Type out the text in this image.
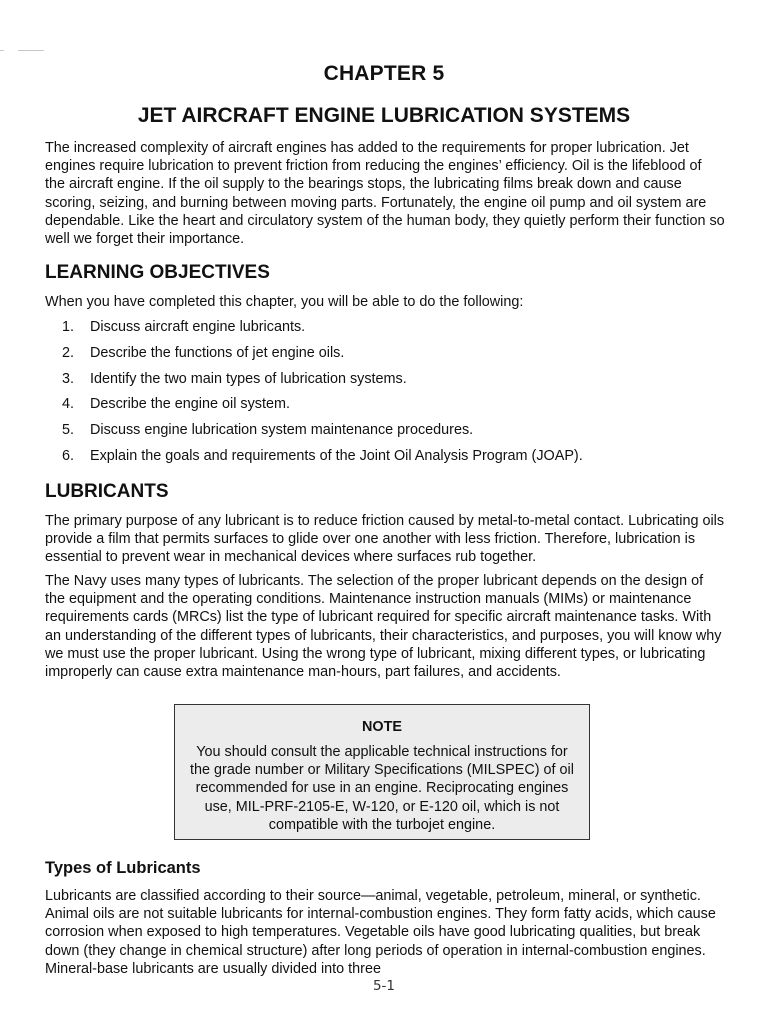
CHAPTER 5
JET AIRCRAFT ENGINE LUBRICATION SYSTEMS

The increased complexity of aircraft engines has added to the requirements for proper lubrication. Jet engines require lubrication to prevent friction from reducing the engines’ efficiency. Oil is the lifeblood of the aircraft engine. If the oil supply to the bearings stops, the lubricating films break down and cause scoring, seizing, and burning between moving parts. Fortunately, the engine oil pump and oil system are dependable. Like the heart and circulatory system of the human body, they quietly perform their function so well we forget their importance.

LEARNING OBJECTIVES

When you have completed this chapter, you will be able to do the following:

1. Discuss aircraft engine lubricants.
2. Describe the functions of jet engine oils.
3. Identify the two main types of lubrication systems.
4. Describe the engine oil system.
5. Discuss engine lubrication system maintenance procedures.
6. Explain the goals and requirements of the Joint Oil Analysis Program (JOAP).
LUBRICANTS

The primary purpose of any lubricant is to reduce friction caused by metal-to-metal contact. Lubricating oils provide a film that permits surfaces to glide over one another with less friction. Therefore, lubrication is essential to prevent wear in mechanical devices where surfaces rub together.

The Navy uses many types of lubricants. The selection of the proper lubricant depends on the design of the equipment and the operating conditions. Maintenance instruction manuals (MIMs) or maintenance requirements cards (MRCs) list the type of lubricant required for specific aircraft maintenance tasks. With an understanding of the different types of lubricants, their characteristics, and purposes, you will know why we must use the proper lubricant. Using the wrong type of lubricant, mixing different types, or lubricating improperly can cause extra maintenance man-hours, part failures, and accidents.

NOTE
You should consult the applicable technical instructions for the grade number or Military Specifications (MILSPEC) of oil recommended for use in an engine. Reciprocating engines use, MIL-PRF-2105-E, W-120, or E-120 oil, which is not compatible with the turbojet engine.
Types of Lubricants

Lubricants are classified according to their source—animal, vegetable, petroleum, mineral, or synthetic. Animal oils are not suitable lubricants for internal-combustion engines. They form fatty acids, which cause corrosion when exposed to high temperatures. Vegetable oils have good lubricating qualities, but break down (they change in chemical structure) after long periods of operation in internal-combustion engines. Mineral-base lubricants are usually divided into three

5-1
